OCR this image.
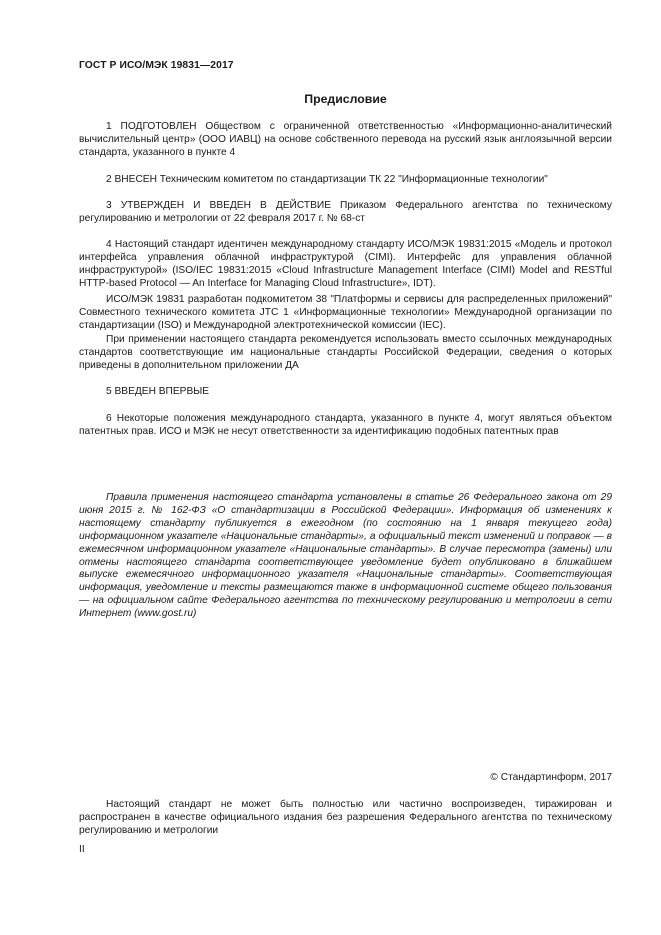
ГОСТ Р ИСО/МЭК 19831—2017
Предисловие

1 ПОДГОТОВЛЕН Обществом с ограниченной ответственностью «Информационно-аналитический вычислительный центр» (ООО ИАВЦ) на основе собственного перевода на русский язык англоязычной версии стандарта, указанного в пункте 4

2 ВНЕСЕН Техническим комитетом по стандартизации ТК 22 "Информационные технологии"

3 УТВЕРЖДЕН И ВВЕДЕН В ДЕЙСТВИЕ Приказом Федерального агентства по техническому регулированию и метрологии от 22 февраля 2017 г. № 68-ст

4 Настоящий стандарт идентичен международному стандарту ИСО/МЭК 19831:2015 «Модель и протокол интерфейса управления облачной инфраструктурой (CIMI). Интерфейс для управления облачной инфраструктурой» (ISO/IEC 19831:2015 «Cloud Infrastructure Management Interface (CIMI) Model and RESTful HTTP-based Protocol — An Interface for Managing Cloud Infrastructure», IDT).

ИСО/МЭК 19831 разработан подкомитетом 38 "Платформы и сервисы для распределенных приложений" Совместного технического комитета JTC 1 «Информационные технологии» Международной организации по стандартизации (ISO) и Международной электротехнической комиссии (IEC).

При применении настоящего стандарта рекомендуется использовать вместо ссылочных международных стандартов соответствующие им национальные стандарты Российской Федерации, сведения о которых приведены в дополнительном приложении ДА

5 ВВЕДЕН ВПЕРВЫЕ

6 Некоторые положения международного стандарта, указанного в пункте 4, могут являться объектом патентных прав. ИСО и МЭК не несут ответственности за идентификацию подобных патентных прав

Правила применения настоящего стандарта установлены в статье 26 Федерального закона от 29 июня 2015 г. № 162-ФЗ «О стандартизации в Российской Федерации». Информация об изменениях к настоящему стандарту публикуется в ежегодном (по состоянию на 1 января текущего года) информационном указателе «Национальные стандарты», а официальный текст изменений и поправок — в ежемесячном информационном указателе «Национальные стандарты». В случае пересмотра (замены) или отмены настоящего стандарта соответствующее уведомление будет опубликовано в ближайшем выпуске ежемесячного информационного указателя «Национальные стандарты». Соответствующая информация, уведомление и тексты размещаются также в информационной системе общего пользования — на официальном сайте Федерального агентства по техническому регулированию и метрологии в сети Интернет (www.gost.ru)

© Стандартинформ, 2017

Настоящий стандарт не может быть полностью или частично воспроизведен, тиражирован и распространен в качестве официального издания без разрешения Федерального агентства по техническому регулированию и метрологии

II
